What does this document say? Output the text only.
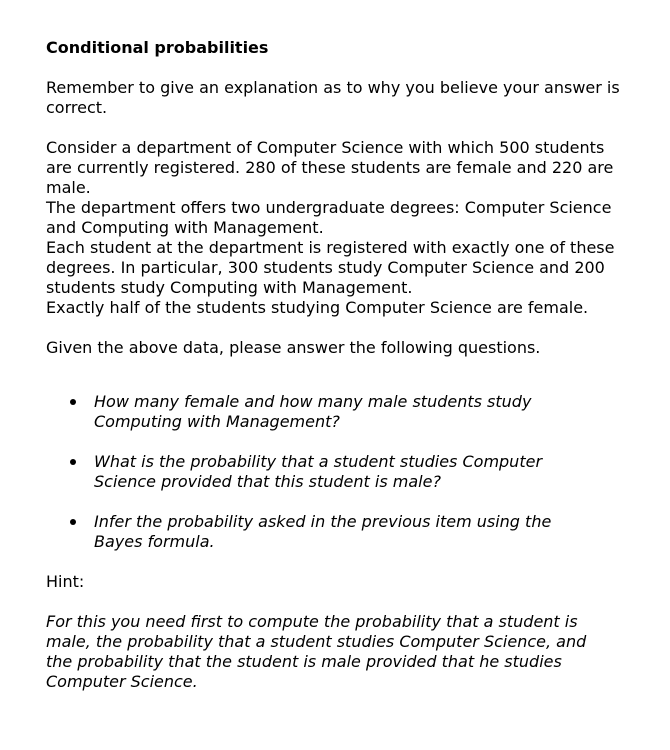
Conditional probabilities

Remember to give an explanation as to why you believe your answer is correct.

Consider a department of Computer Science with which 500 students are currently registered. 280 of these students are female and 220 are male.

The department offers two undergraduate degrees: Computer Science and Computing with Management.

Each student at the department is registered with exactly one of these degrees. In particular, 300 students study Computer Science and 200 students study Computing with Management.

Exactly half of the students studying Computer Science are female.

Given the above data, please answer the following questions.

How many female and how many male students study Computing with Management?
What is the probability that a student studies Computer Science provided that this student is male?
Infer the probability asked in the previous item using the Bayes formula.

Hint:

For this you need first to compute the probability that a student is male, the probability that a student studies Computer Science, and the probability that the student is male provided that he studies Computer Science.
